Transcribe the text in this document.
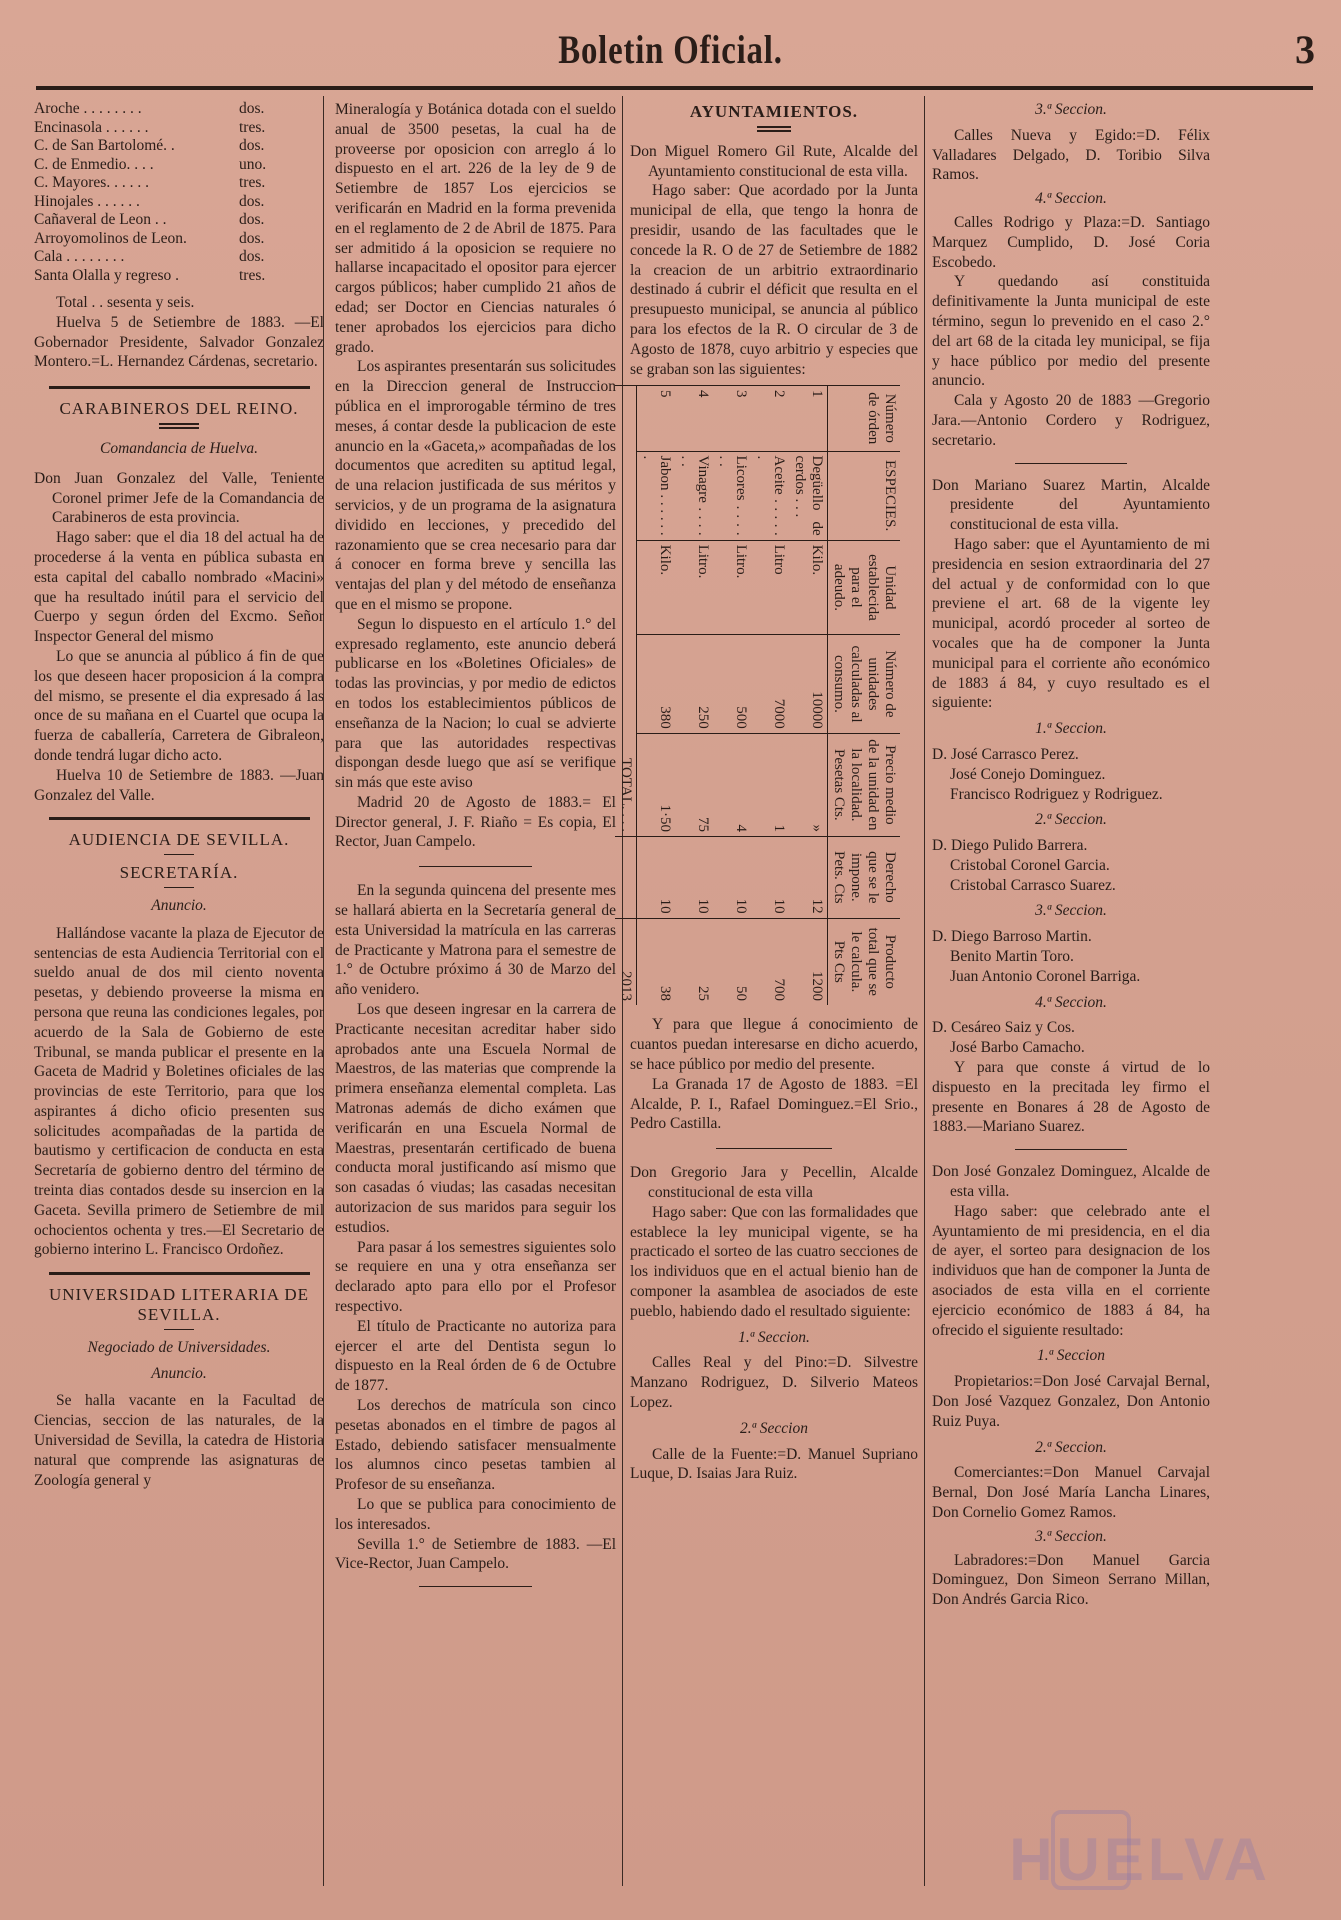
Boletin Oficial.	3
Aroche . . . . . . . .	dos.
Encinasola . . . . . .	tres.
C. de San Bartolomé. .	dos.
C. de Enmedio. . . .	uno.
C. Mayores. . . . . .	tres.
Hinojales . . . . . .	dos.
Cañaveral de Leon . .	dos.
Arroyomolinos de Leon.	dos.
Cala . . . . . . . .	dos.
Santa Olalla y regreso .	tres.

Total . . sesenta y seis.

Huelva 5 de Setiembre de 1883. —El Gobernador Presidente, Salvador Gonzalez Montero.=L. Hernandez Cárdenas, secretario.

CARABINEROS DEL REINO.

Comandancia de Huelva.

Don Juan Gonzalez del Valle, Teniente Coronel primer Jefe de la Comandancia de Carabineros de esta provincia.

Hago saber: que el dia 18 del actual ha de procederse á la venta en pública subasta en esta capital del caballo nombrado «Macini» que ha resultado inútil para el servicio del Cuerpo y segun órden del Excmo. Señor Inspector General del mismo

Lo que se anuncia al público á fin de que los que deseen hacer proposicion á la compra del mismo, se presente el dia expresado á las once de su mañana en el Cuartel que ocupa la fuerza de caballería, Carretera de Gibraleon, donde tendrá lugar dicho acto.

Huelva 10 de Setiembre de 1883. —Juan Gonzalez del Valle.

AUDIENCIA DE SEVILLA.

SECRETARÍA.

Anuncio.

Hallándose vacante la plaza de Ejecutor de sentencias de esta Audiencia Territorial con el sueldo anual de dos mil ciento noventa pesetas, y debiendo proveerse la misma en persona que reuna las condiciones legales, por acuerdo de la Sala de Gobierno de este Tribunal, se manda publicar el presente en la Gaceta de Madrid y Boletines oficiales de las provincias de este Territorio, para que los aspirantes á dicho oficio presenten sus solicitudes acompañadas de la partida de bautismo y certificacion de conducta en esta Secretaría de gobierno dentro del término de treinta dias contados desde su insercion en la Gaceta. Sevilla primero de Setiembre de mil ochocientos ochenta y tres.—El Secretario de gobierno interino L. Francisco Ordoñez.

UNIVERSIDAD LITERARIA DE SEVILLA.

Negociado de Universidades.

Anuncio.

Se halla vacante en la Facultad de Ciencias, seccion de las naturales, de la Universidad de Sevilla, la catedra de Historia natural que comprende las asignaturas de Zoología general y

Mineralogía y Botánica dotada con el sueldo anual de 3500 pesetas, la cual ha de proveerse por oposicion con arreglo á lo dispuesto en el art. 226 de la ley de 9 de Setiembre de 1857 Los ejercicios se verificarán en Madrid en la forma prevenida en el reglamento de 2 de Abril de 1875. Para ser admitido á la oposicion se requiere no hallarse incapacitado el opositor para ejercer cargos públicos; haber cumplido 21 años de edad; ser Doctor en Ciencias naturales ó tener aprobados los ejercicios para dicho grado.

Los aspirantes presentarán sus solicitudes en la Direccion general de Instruccion pública en el improrogable término de tres meses, á contar desde la publicacion de este anuncio en la «Gaceta,» acompañadas de los documentos que acrediten su aptitud legal, de una relacion justificada de sus méritos y servicios, y de un programa de la asignatura dividido en lecciones, y precedido del razonamiento que se crea necesario para dar á conocer en forma breve y sencilla las ventajas del plan y del método de enseñanza que en el mismo se propone.

Segun lo dispuesto en el artículo 1.° del expresado reglamento, este anuncio deberá publicarse en los «Boletines Oficiales» de todas las provincias, y por medio de edictos en todos los establecimientos públicos de enseñanza de la Nacion; lo cual se advierte para que las autoridades respectivas dispongan desde luego que así se verifique sin más que este aviso

Madrid 20 de Agosto de 1883.= El Director general, J. F. Riaño = Es copia, El Rector, Juan Campelo.

En la segunda quincena del presente mes se hallará abierta en la Secretaría general de esta Universidad la matrícula en las carreras de Practicante y Matrona para el semestre de 1.° de Octubre próximo á 30 de Marzo del año venidero.

Los que deseen ingresar en la carrera de Practicante necesitan acreditar haber sido aprobados ante una Escuela Normal de Maestros, de las materias que comprende la primera enseñanza elemental completa. Las Matronas además de dicho exámen que verificarán en una Escuela Normal de Maestras, presentarán certificado de buena conducta moral justificando así mismo que son casadas ó viudas; las casadas necesitan autorizacion de sus maridos para seguir los estudios.

Para pasar á los semestres siguientes solo se requiere en una y otra enseñanza ser declarado apto para ello por el Profesor respectivo.

El título de Practicante no autoriza para ejercer el arte del Dentista segun lo dispuesto en la Real órden de 6 de Octubre de 1877.

Los derechos de matrícula son cinco pesetas abonados en el timbre de pagos al Estado, debiendo satisfacer mensualmente los alumnos cinco pesetas tambien al Profesor de su enseñanza.

Lo que se publica para conocimiento de los interesados.

Sevilla 1.° de Setiembre de 1883. —El Vice-Rector, Juan Campelo.

AYUNTAMIENTOS.

Don Miguel Romero Gil Rute, Alcalde del Ayuntamiento constitucional de esta villa.

Hago saber: Que acordado por la Junta municipal de ella, que tengo la honra de presidir, usando de las facultades que le concede la R. O de 27 de Setiembre de 1882 la creacion de un arbitrio extraordinario destinado á cubrir el déficit que resulta en el presupuesto municipal, se anuncia al público para los efectos de la R. O circular de 3 de Agosto de 1878, cuyo arbitrio y especies que se graban son las siguientes:

Número de órden	ESPECIES.	Unidad establecida para el adeudo.	Número de unidades calculadas al consumo.	Precio medio de la unidad en la localidad. Pesetas Cts.	Derecho que se le impone. Pets. Cts	Producto total que se le calcula. Pts Cts
1	Degüello de cerdos . . .	Kilo.	10000	»	12	1200
2	Aceite . . . . . .	Litro	7000	1	10	700
3	Licores . . . . . .	Litro.	500	4	10	50
4	Vinagre . . . . . .	Litro.	250	75	10	25
5	Jabon . . . . . . .	Kilo.	380	1·50	10	38
TOTAL. . . .						2013

Y para que llegue á conocimiento de cuantos puedan interesarse en dicho acuerdo, se hace público por medio del presente.

La Granada 17 de Agosto de 1883. =El Alcalde, P. I., Rafael Dominguez.=El Srio., Pedro Castilla.

Don Gregorio Jara y Pecellin, Alcalde constitucional de esta villa

Hago saber: Que con las formalidades que establece la ley municipal vigente, se ha practicado el sorteo de las cuatro secciones de los individuos que en el actual bienio han de componer la asamblea de asociados de este pueblo, habiendo dado el resultado siguiente:

1.ª Seccion.

Calles Real y del Pino:=D. Silvestre Manzano Rodriguez, D. Silverio Mateos Lopez.

2.ª Seccion

Calle de la Fuente:=D. Manuel Supriano Luque, D. Isaias Jara Ruiz.

3.ª Seccion.

Calles Nueva y Egido:=D. Félix Valladares Delgado, D. Toribio Silva Ramos.

4.ª Seccion.

Calles Rodrigo y Plaza:=D. Santiago Marquez Cumplido, D. José Coria Escobedo.

Y quedando así constituida definitivamente la Junta municipal de este término, segun lo prevenido en el caso 2.° del art 68 de la citada ley municipal, se fija y hace público por medio del presente anuncio.

Cala y Agosto 20 de 1883 —Gregorio Jara.—Antonio Cordero y Rodriguez, secretario.

Don Mariano Suarez Martin, Alcalde presidente del Ayuntamiento constitucional de esta villa.

Hago saber: que el Ayuntamiento de mi presidencia en sesion extraordinaria del 27 del actual y de conformidad con lo que previene el art. 68 de la vigente ley municipal, acordó proceder al sorteo de vocales que ha de componer la Junta municipal para el corriente año económico de 1883 á 84, y cuyo resultado es el siguiente:

1.ª Seccion.

D. José Carrasco Perez.

José Conejo Dominguez.

Francisco Rodriguez y Rodriguez.

2.ª Seccion.

D. Diego Pulido Barrera.

Cristobal Coronel Garcia.

Cristobal Carrasco Suarez.

3.ª Seccion.

D. Diego Barroso Martin.

Benito Martin Toro.

Juan Antonio Coronel Barriga.

4.ª Seccion.

D. Cesáreo Saiz y Cos.

José Barbo Camacho.

Y para que conste á virtud de lo dispuesto en la precitada ley firmo el presente en Bonares á 28 de Agosto de 1883.—Mariano Suarez.

Don José Gonzalez Dominguez, Alcalde de esta villa.

Hago saber: que celebrado ante el Ayuntamiento de mi presidencia, en el dia de ayer, el sorteo para designacion de los individuos que han de componer la Junta de asociados de esta villa en el corriente ejercicio económico de 1883 á 84, ha ofrecido el siguiente resultado:

1.ª Seccion

Propietarios:=Don José Carvajal Bernal, Don José Vazquez Gonzalez, Don Antonio Ruiz Puya.

2.ª Seccion.

Comerciantes:=Don Manuel Carvajal Bernal, Don José María Lancha Linares, Don Cornelio Gomez Ramos.

3.ª Seccion.

Labradores:=Don Manuel Garcia Dominguez, Don Simeon Serrano Millan, Don Andrés Garcia Rico.

HUELVA
